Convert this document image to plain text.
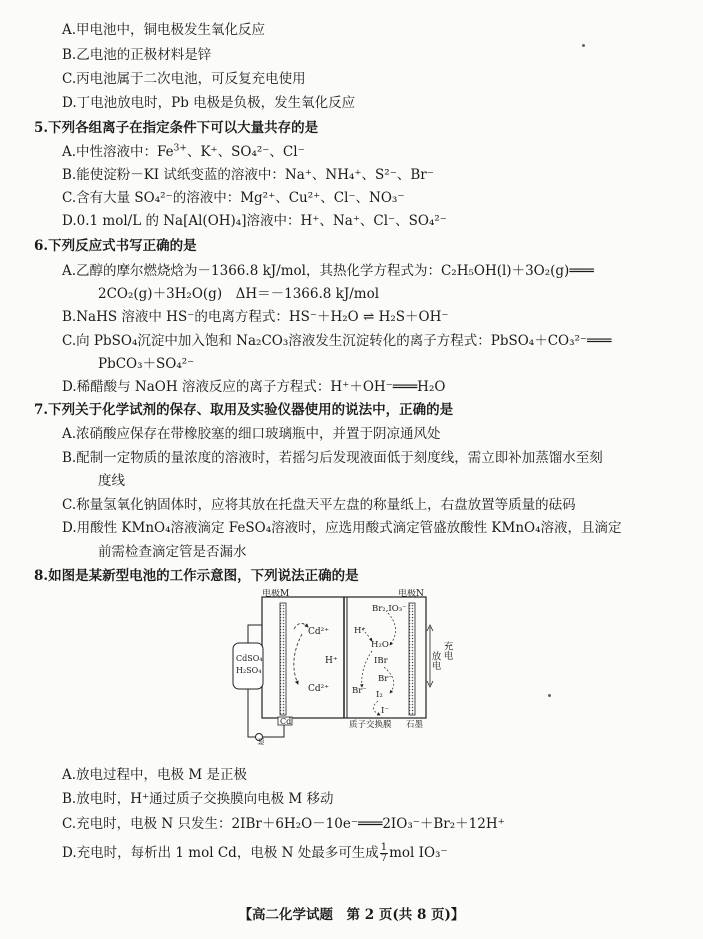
A.甲电池中，铜电极发生氧化反应
B.乙电池的正极材料是锌
C.丙电池属于二次电池，可反复充电使用
D.丁电池放电时，Pb 电极是负极，发生氧化反应
5.下列各组离子在指定条件下可以大量共存的是
A.中性溶液中：$Fe^{3+}$、K⁺、SO₄²⁻、Cl⁻
B.能使淀粉－KI 试纸变蓝的溶液中：Na⁺、NH₄⁺、S²⁻、Br⁻
C.含有大量 SO₄²⁻的溶液中：Mg²⁺、Cu²⁺、Cl⁻、NO₃⁻
D.0.1 mol/L 的 Na[Al(OH)₄]溶液中：H⁺、Na⁺、Cl⁻、SO₄²⁻
6.下列反应式书写正确的是
A.乙醇的摩尔燃烧焓为－1366.8 kJ/mol，其热化学方程式为：C₂H₅OH(l)＋3O₂(g)═══
2CO₂(g)＋3H₂O(g)　ΔH＝－1366.8 kJ/mol
B.NaHS 溶液中 HS⁻的电离方程式：HS⁻＋H₂O ⇌ H₂S＋OH⁻
C.向 PbSO₄沉淀中加入饱和 Na₂CO₃溶液发生沉淀转化的离子方程式：PbSO₄＋CO₃²⁻═══
PbCO₃＋SO₄²⁻
D.稀醋酸与 NaOH 溶液反应的离子方程式：H⁺＋OH⁻═══H₂O
7.下列关于化学试剂的保存、取用及实验仪器使用的说法中，正确的是
A.浓硝酸应保存在带橡胶塞的细口玻璃瓶中，并置于阴凉通风处
B.配制一定物质的量浓度的溶液时，若摇匀后发现液面低于刻度线，需立即补加蒸馏水至刻
度线
C.称量氢氧化钠固体时，应将其放在托盘天平左盘的称量纸上，右盘放置等质量的砝码
D.用酸性 KMnO₄溶液滴定 FeSO₄溶液时，应选用酸式滴定管盛放酸性 KMnO₄溶液，且滴定
前需检查滴定管是否漏水
8.如图是某新型电池的工作示意图，下列说法正确的是
电极M	电极N
CdSO₄
H₂SO₄
泵
Cd
Cd²⁺
Cd²⁺
H⁺
Br₂,IO₃⁻
H⁺
H₂O
IBr
Br⁻
Br⁻ I₂
I⁻
质子交换膜 石墨
放电
充电
A.放电过程中，电极 M 是正极
B.放电时，H⁺通过质子交换膜向电极 M 移动
C.充电时，电极 N 只发生：2IBr＋6H₂O－10e⁻═══2IO₃⁻＋Br₂＋12H⁺
D.充电时，每析出 1 mol Cd，电极 N 处最多可生成 $\frac{1}{7}$ mol IO₃⁻
【高二化学试题　第 2 页(共 8 页)】
